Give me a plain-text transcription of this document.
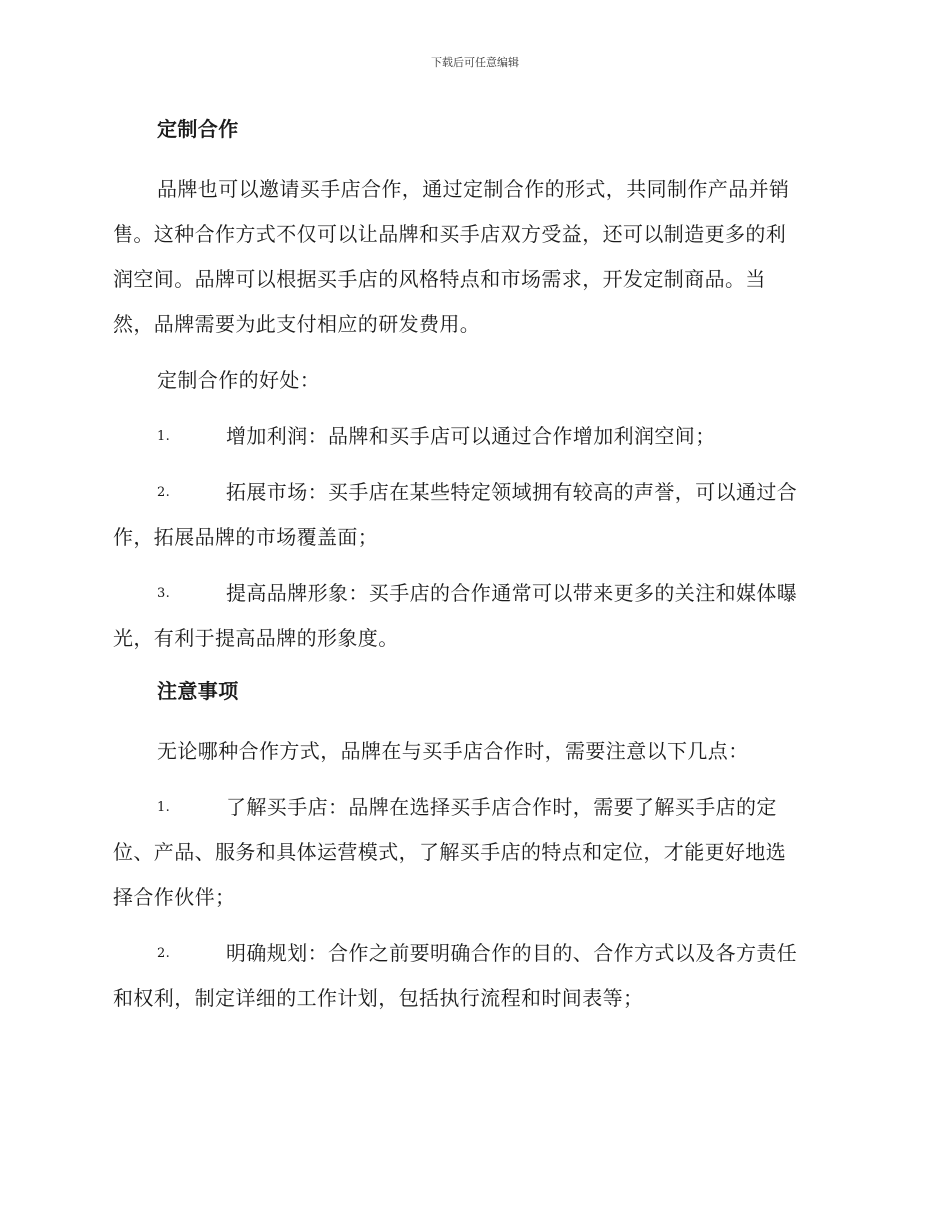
下载后可任意编辑
定制合作

品牌也可以邀请买手店合作，通过定制合作的形式，共同制作产品并销
售。这种合作方式不仅可以让品牌和买手店双方受益，还可以制造更多的利
润空间。品牌可以根据买手店的风格特点和市场需求，开发定制商品。当
然，品牌需要为此支付相应的研发费用。

定制合作的好处：

1.	增加利润：品牌和买手店可以通过合作增加利润空间；
2.	拓展市场：买手店在某些特定领域拥有较高的声誉，可以通过合
作，拓展品牌的市场覆盖面；
3.	提高品牌形象：买手店的合作通常可以带来更多的关注和媒体曝
光，有利于提高品牌的形象度。
注意事项

无论哪种合作方式，品牌在与买手店合作时，需要注意以下几点：

1.	了解买手店：品牌在选择买手店合作时，需要了解买手店的定
位、产品、服务和具体运营模式，了解买手店的特点和定位，才能更好地选
择合作伙伴；
2.	明确规划：合作之前要明确合作的目的、合作方式以及各方责任
和权利，制定详细的工作计划，包括执行流程和时间表等；
